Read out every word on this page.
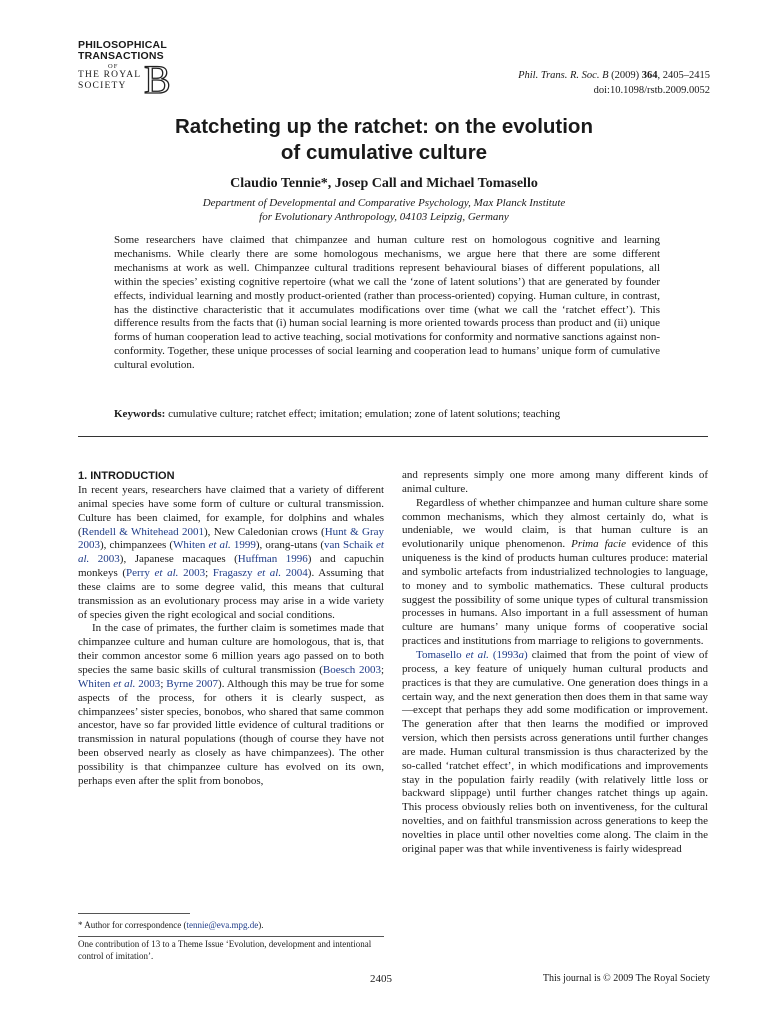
PHILOSOPHICAL
TRANSACTIONS
OF
THE ROYAL
SOCIETY B	Phil. Trans. R. Soc. B (2009) 364, 2405–2415
doi:10.1098/rstb.2009.0052
Ratcheting up the ratchet: on the evolution
of cumulative culture

Claudio Tennie*, Josep Call and Michael Tomasello

Department of Developmental and Comparative Psychology, Max Planck Institute
for Evolutionary Anthropology, 04103 Leipzig, Germany

Some researchers have claimed that chimpanzee and human culture rest on homologous cognitive and learning mechanisms. While clearly there are some homologous mechanisms, we argue here that there are some different mechanisms at work as well. Chimpanzee cultural traditions represent behavioural biases of different populations, all within the species’ existing cognitive repertoire (what we call the ‘zone of latent solutions’) that are generated by founder effects, individual learning and mostly product-oriented (rather than process-oriented) copying. Human culture, in contrast, has the distinctive characteristic that it accumulates modifications over time (what we call the ‘ratchet effect’). This difference results from the facts that (i) human social learning is more oriented towards process than product and (ii) unique forms of human cooperation lead to active teaching, social motivations for conformity and normative sanctions against non-conformity. Together, these unique processes of social learning and cooperation lead to humans’ unique form of cumulative cultural evolution.

Keywords: cumulative culture; ratchet effect; imitation; emulation; zone of latent solutions; teaching
1. INTRODUCTION

In recent years, researchers have claimed that a variety of different animal species have some form of culture or cultural transmission. Culture has been claimed, for example, for dolphins and whales (Rendell & Whitehead 2001), New Caledonian crows (Hunt & Gray 2003), chimpanzees (Whiten et al. 1999), orang-utans (van Schaik et al. 2003), Japanese macaques (Huffman 1996) and capuchin monkeys (Perry et al. 2003; Fragaszy et al. 2004). Assuming that these claims are to some degree valid, this means that cultural transmission as an evolutionary process may arise in a wide variety of species given the right ecological and social conditions.

In the case of primates, the further claim is sometimes made that chimpanzee culture and human culture are homologous, that is, that their common ancestor some 6 million years ago passed on to both species the same basic skills of cultural transmission (Boesch 2003; Whiten et al. 2003; Byrne 2007). Although this may be true for some aspects of the process, for others it is clearly suspect, as chimpanzees’ sister species, bonobos, who shared that same common ancestor, have so far provided little evidence of cultural traditions or transmission in natural populations (though of course they have not been observed nearly as closely as have chimpanzees). The other possibility is that chimpanzee culture has evolved on its own, perhaps even after the split from bonobos,

and represents simply one more among many different kinds of animal culture.

Regardless of whether chimpanzee and human culture share some common mechanisms, which they almost certainly do, what is undeniable, we would claim, is that human culture is an evolutionarily unique phenomenon. Prima facie evidence of this uniqueness is the kind of products human cultures produce: material and symbolic artefacts from industrialized technologies to language, to money and to symbolic mathematics. These cultural products suggest the possibility of some unique types of cultural transmission processes in humans. Also important in a full assessment of human culture are humans’ many unique forms of cooperative social practices and institutions from marriage to religions to governments.

Tomasello et al. (1993a) claimed that from the point of view of process, a key feature of uniquely human cultural products and practices is that they are cumulative. One generation does things in a certain way, and the next generation then does them in that same way—except that perhaps they add some modification or improvement. The generation after that then learns the modified or improved version, which then persists across generations until further changes are made. Human cultural transmission is thus characterized by the so-called ‘ratchet effect’, in which modifications and improvements stay in the population fairly readily (with relatively little loss or backward slippage) until further changes ratchet things up again. This process obviously relies both on inventiveness, for the cultural novelties, and on faithful transmission across generations to keep the novelties in place until other novelties come along. The claim in the original paper was that while inventiveness is fairly widespread

* Author for correspondence (tennie@eva.mpg.de).
One contribution of 13 to a Theme Issue ‘Evolution, development and intentional control of imitation’.
2405	This journal is © 2009 The Royal Society
